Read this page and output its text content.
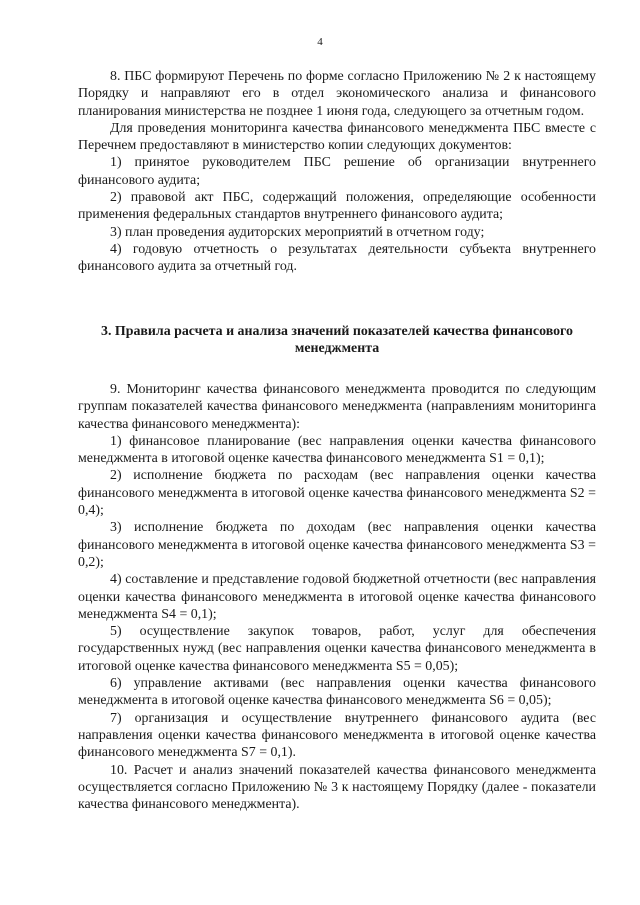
4

8. ПБС формируют Перечень по форме согласно Приложению № 2 к настоящему Порядку и направляют его в отдел экономического анализа и финансового планирования министерства не позднее 1 июня года, следующего за отчетным годом.

Для проведения мониторинга качества финансового менеджмента ПБС вместе с Перечнем предоставляют в министерство копии следующих документов:

1) принятое руководителем ПБС решение об организации внутреннего финансового аудита;

2) правовой акт ПБС, содержащий положения, определяющие особенности применения федеральных стандартов внутреннего финансового аудита;

3) план проведения аудиторских мероприятий в отчетном году;

4) годовую отчетность о результатах деятельности субъекта внутреннего финансового аудита за отчетный год.

3. Правила расчета и анализа значений показателей качества финансового менеджмента

9. Мониторинг качества финансового менеджмента проводится по следующим группам показателей качества финансового менеджмента (направлениям мониторинга качества финансового менеджмента):

1) финансовое планирование (вес направления оценки качества финансового менеджмента в итоговой оценке качества финансового менеджмента S1 = 0,1);

2) исполнение бюджета по расходам (вес направления оценки качества финансового менеджмента в итоговой оценке качества финансового менеджмента S2 = 0,4);

3) исполнение бюджета по доходам (вес направления оценки качества финансового менеджмента в итоговой оценке качества финансового менеджмента S3 = 0,2);

4) составление и представление годовой бюджетной отчетности (вес направления оценки качества финансового менеджмента в итоговой оценке качества финансового менеджмента S4 = 0,1);

5) осуществление закупок товаров, работ, услуг для обеспечения государственных нужд (вес направления оценки качества финансового менеджмента в итоговой оценке качества финансового менеджмента S5 = 0,05);

6) управление активами (вес направления оценки качества финансового менеджмента в итоговой оценке качества финансового менеджмента S6 = 0,05);

7) организация и осуществление внутреннего финансового аудита (вес направления оценки качества финансового менеджмента в итоговой оценке качества финансового менеджмента S7 = 0,1).

10. Расчет и анализ значений показателей качества финансового менеджмента осуществляется согласно Приложению № 3 к настоящему Порядку (далее - показатели качества финансового менеджмента).
